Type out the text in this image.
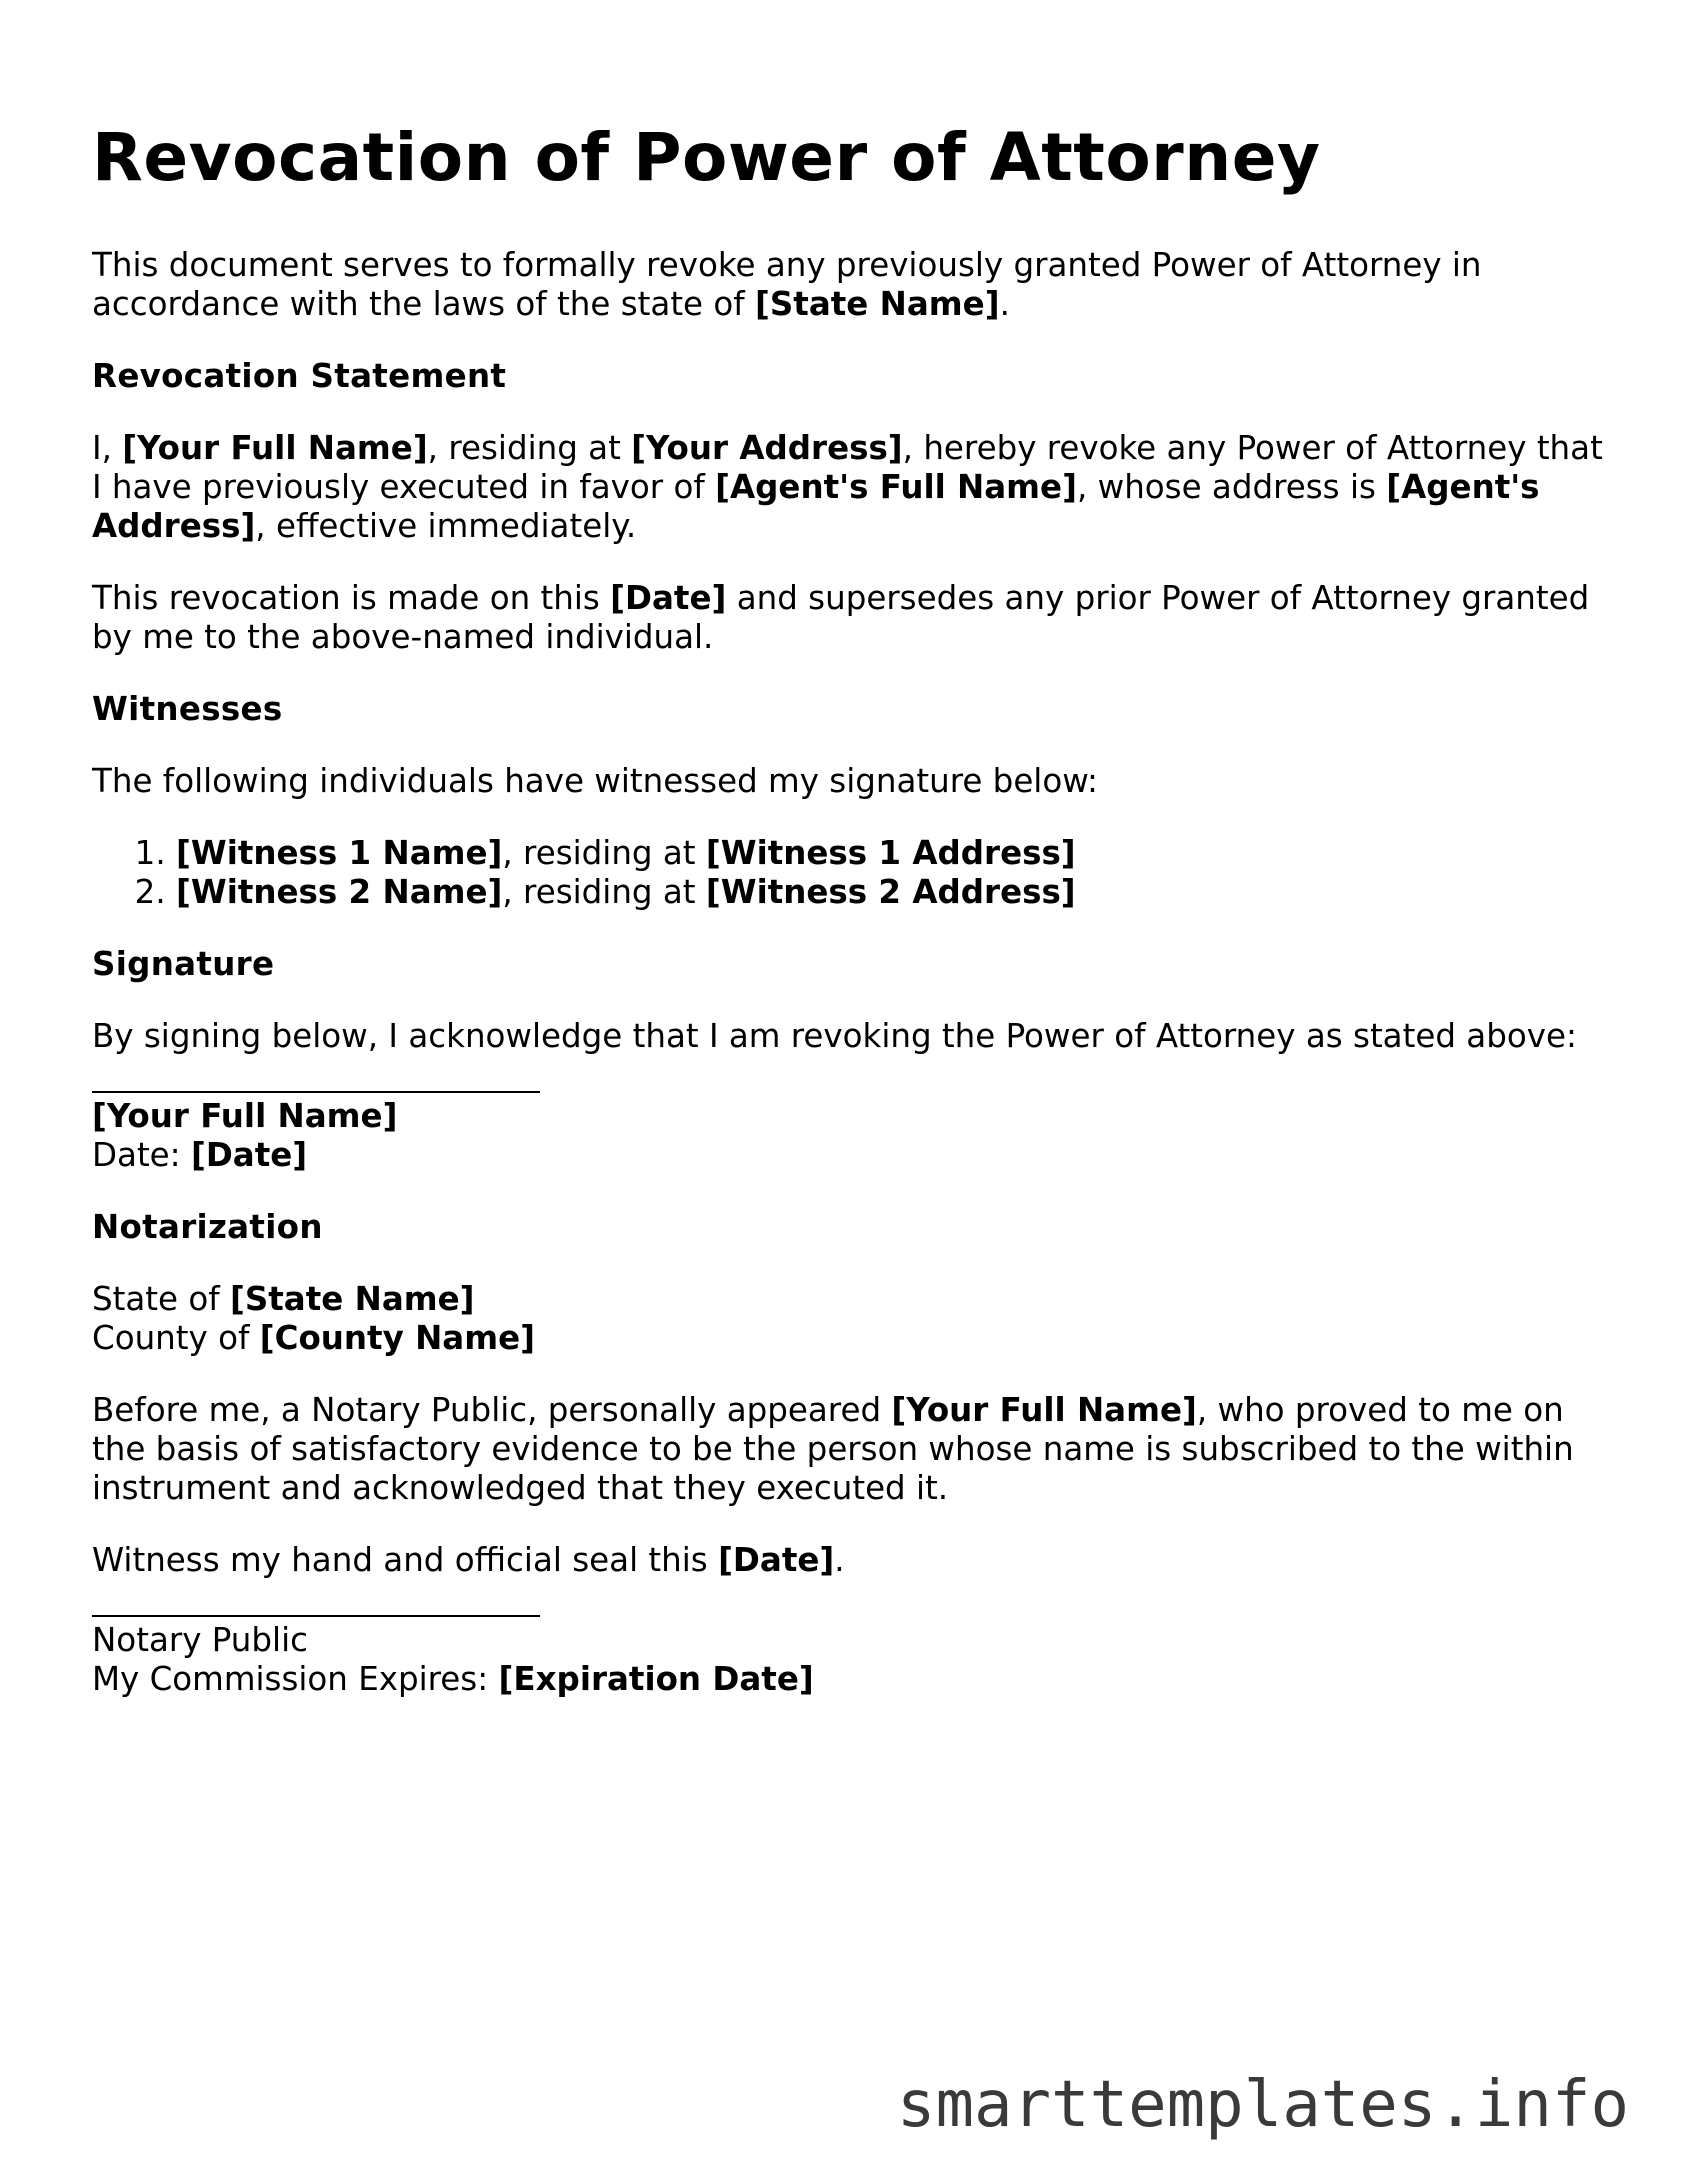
Revocation of Power of Attorney

This document serves to formally revoke any previously granted Power of Attorney in accordance with the laws of the state of [State Name].

Revocation Statement

I, [Your Full Name], residing at [Your Address], hereby revoke any Power of Attorney that I have previously executed in favor of [Agent's Full Name], whose address is [Agent's Address], effective immediately.

This revocation is made on this [Date] and supersedes any prior Power of Attorney granted by me to the above-named individual.

Witnesses

The following individuals have witnessed my signature below:

1. [Witness 1 Name], residing at [Witness 1 Address]
2. [Witness 2 Name], residing at [Witness 2 Address]
Signature

By signing below, I acknowledge that I am revoking the Power of Attorney as stated above:

[Your Full Name]
Date: [Date]
Notarization
State of [State Name]
County of [County Name]

Before me, a Notary Public, personally appeared [Your Full Name], who proved to me on the basis of satisfactory evidence to be the person whose name is subscribed to the within instrument and acknowledged that they executed it.

Witness my hand and official seal this [Date].

Notary Public
My Commission Expires: [Expiration Date]
smarttemplates.info
